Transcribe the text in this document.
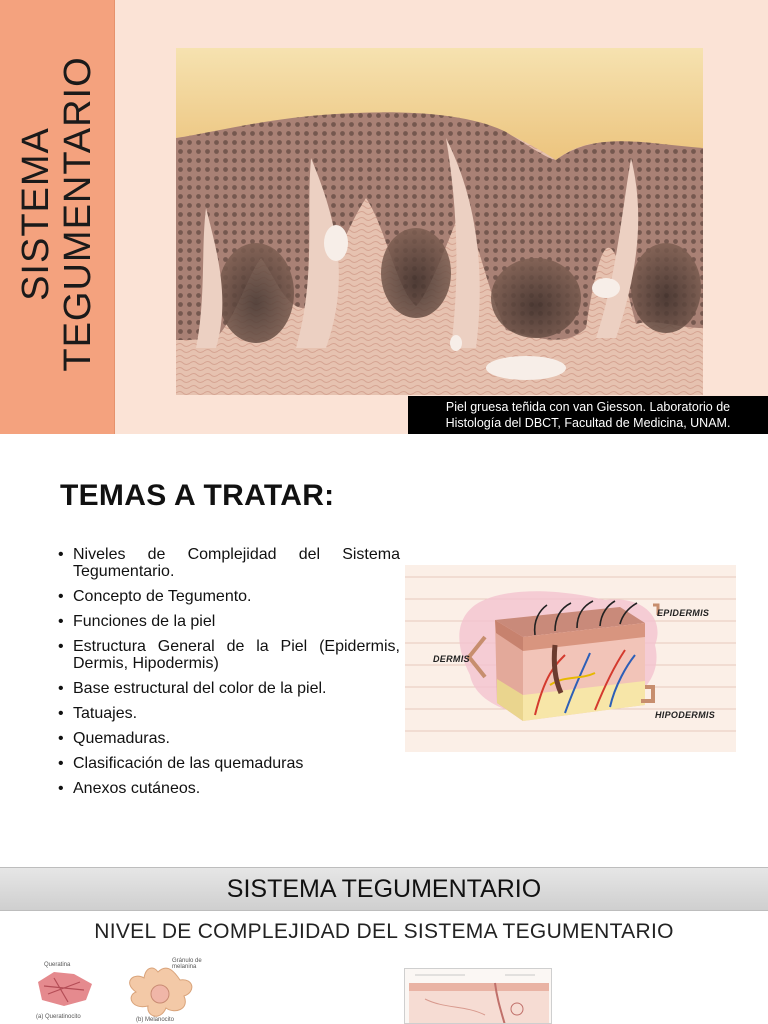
SISTEMA TEGUMENTARIO
Piel gruesa teñida con van Giesson. Laboratorio de
Histología del DBCT, Facultad de Medicina, UNAM.
TEMAS A TRATAR:
• Niveles de Complejidad del Sistema Tegumentario.
• Concepto de Tegumento.
• Funciones de la piel
• Estructura General de la Piel (Epidermis, Dermis, Hipodermis)
• Base estructural del color de la piel.
• Tatuajes.
• Quemaduras.
• Clasificación de las quemaduras
• Anexos cutáneos.
EPIDERMIS
DERMIS
HIPODERMIS
SISTEMA TEGUMENTARIO
NIVEL DE COMPLEJIDAD DEL SISTEMA TEGUMENTARIO
Queratina
(a) Queratinocito
Gránulo de melanina
(b) Melanocito
